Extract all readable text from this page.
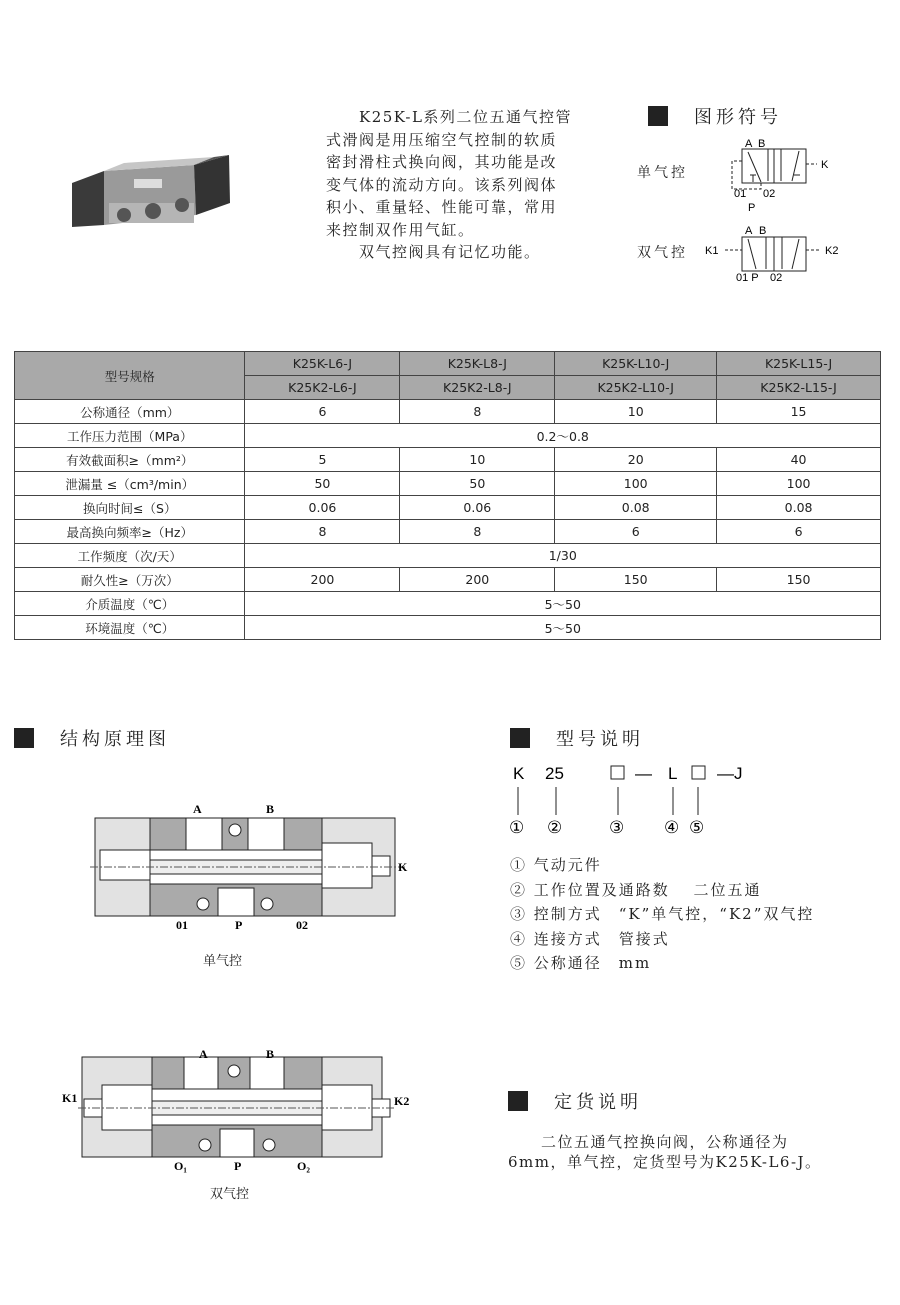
　　K25K-L系列二位五通气控管
式滑阀是用压缩空气控制的软质
密封滑柱式换向阀，其功能是改
变气体的流动方向。该系列阀体
积小、重量轻、性能可靠，常用
来控制双作用气缸。
　　双气控阀具有记忆功能。
图形符号
单气控
双气控
A B
K
01 02
P
A B
K1	K2
01 P 02
型号规格	K25K-L6-J	K25K-L8-J	K25K-L10-J	K25K-L15-J
	K25K2-L6-J	K25K2-L8-J	K25K2-L10-J	K25K2-L15-J
公称通径（mm）	6	8	10	15
工作压力范围（MPa）	0.2～0.8			
有效截面积≥（mm²）	5	10	20	40
泄漏量 ≤（cm³/min）	50	50	100	100
换向时间≤（S）	0.06	0.06	0.08	0.08
最高换向频率≥（Hz）	8	8	6	6
工作频度（次/天）	1/30			
耐久性≥（万次）	200	200	150	150
介质温度（℃）	5～50			
环境温度（℃）	5～50			
结构原理图
A	B
K
01	P	02
单气控
K1	K2
A	B
O₁	P	O₂
双气控
型号说明
K 25	— L —J
① ②	③ ④ ⑤
① 气动元件
② 工作位置及通路数　 二位五通
③ 控制方式　“K”单气控，“K2”双气控
④ 连接方式　管接式
⑤ 公称通径　mm
定货说明
　　二位五通气控换向阀，公称通径为6mm，单气控，定货型号为K25K-L6-J。
